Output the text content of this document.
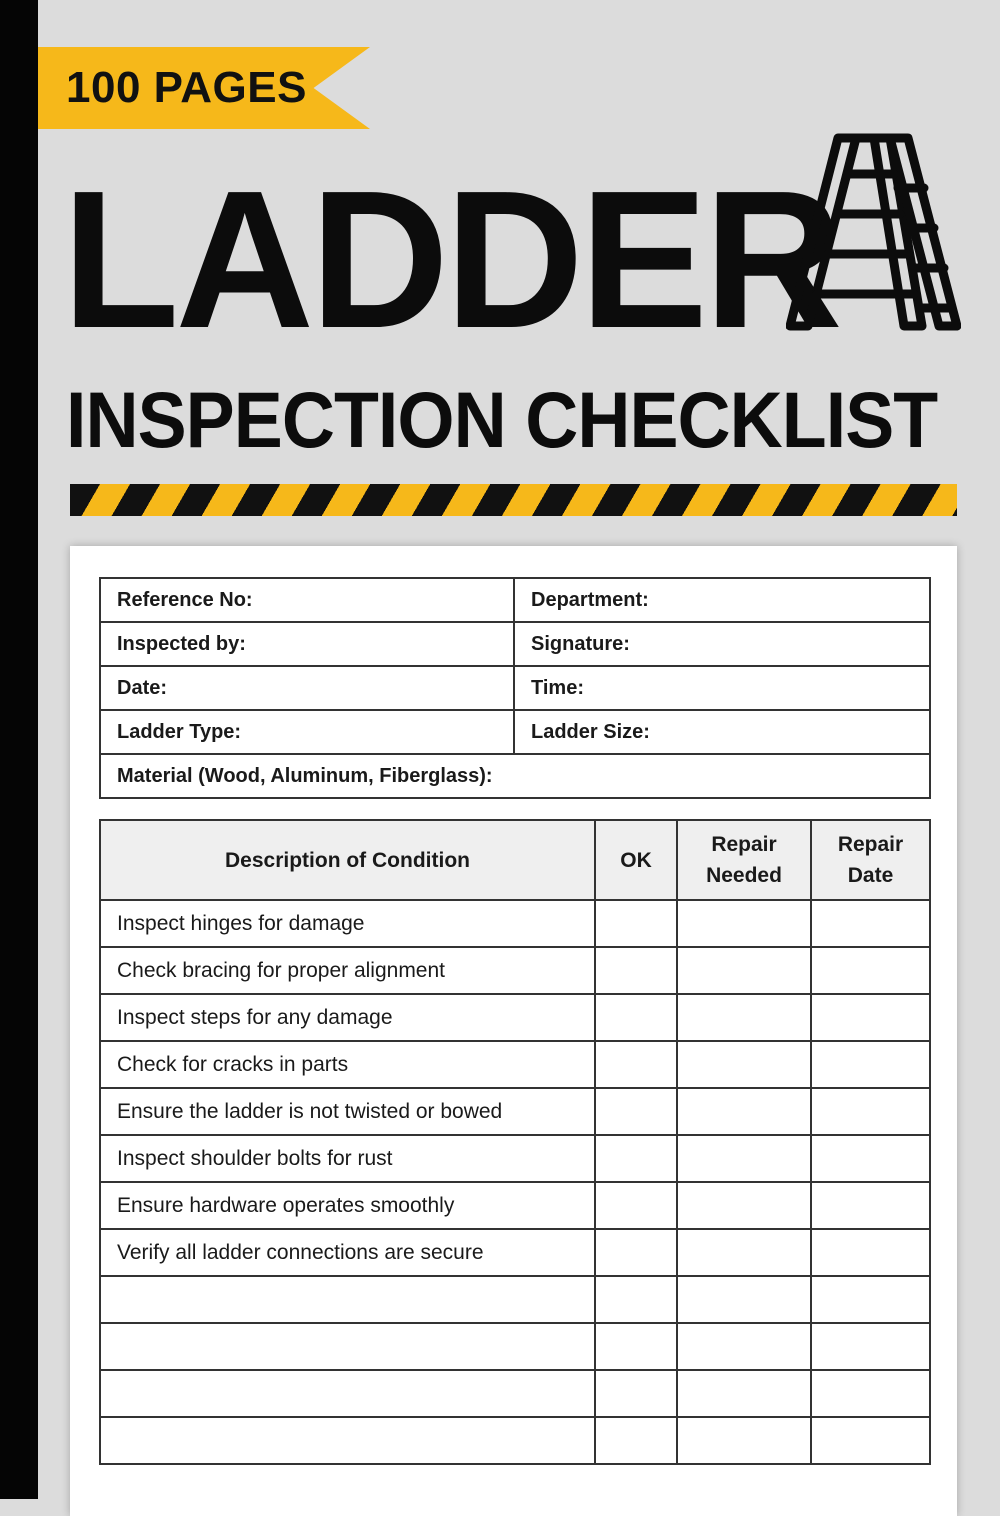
100 PAGES
LADDER
INSPECTION CHECKLIST
Reference No:	Department:
Inspected by:	Signature:
Date:	Time:
Ladder Type:	Ladder Size:
Material (Wood, Aluminum, Fiberglass):	
Description of Condition	OK	Repair Needed	Repair Date
Inspect hinges for damage			
Check bracing for proper alignment			
Inspect steps for any damage			
Check for cracks in parts			
Ensure the ladder is not twisted or bowed			
Inspect shoulder bolts for rust			
Ensure hardware operates smoothly			
Verify all ladder connections are secure			
